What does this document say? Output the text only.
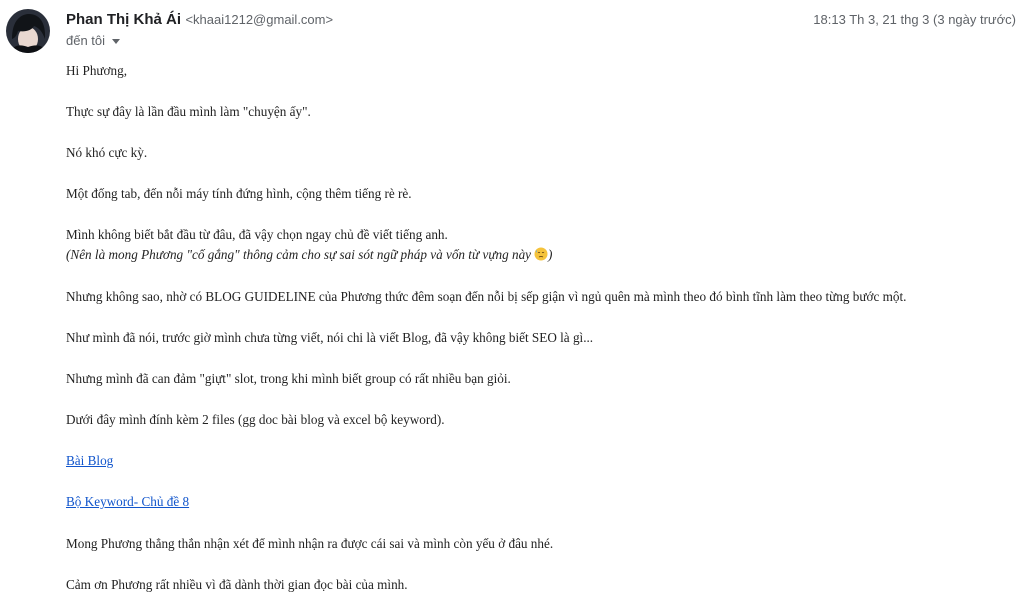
Phan Thị Khả Ái <khaai1212@gmail.com>	18:13 Th 3, 21 thg 3 (3 ngày trước)
đến tôi
Hi Phương,
Thực sự đây là lần đầu mình làm "chuyện ấy".
Nó khó cực kỳ.
Một đống tab, đến nỗi máy tính đứng hình, cộng thêm tiếng rè rè.
Mình không biết bắt đầu từ đâu, đã vậy chọn ngay chủ đề viết tiếng anh.
(Nên là mong Phương "cố gắng" thông cảm cho sự sai sót ngữ pháp và vốn từ vựng này )
Nhưng không sao, nhờ có BLOG GUIDELINE của Phương thức đêm soạn đến nỗi bị sếp giận vì ngủ quên mà mình theo đó bình tĩnh làm theo từng bước một.
Như mình đã nói, trước giờ mình chưa từng viết, nói chi là viết Blog, đã vậy không biết SEO là gì...
Nhưng mình đã can đảm "giựt" slot, trong khi mình biết group có rất nhiều bạn giỏi.
Dưới đây mình đính kèm 2 files (gg doc bài blog và excel bộ keyword).
Bài Blog
Bộ Keyword- Chủ đề 8
Mong Phương thẳng thắn nhận xét để mình nhận ra được cái sai và mình còn yếu ở đâu nhé.
Cảm ơn Phương rất nhiều vì đã dành thời gian đọc bài của mình.
